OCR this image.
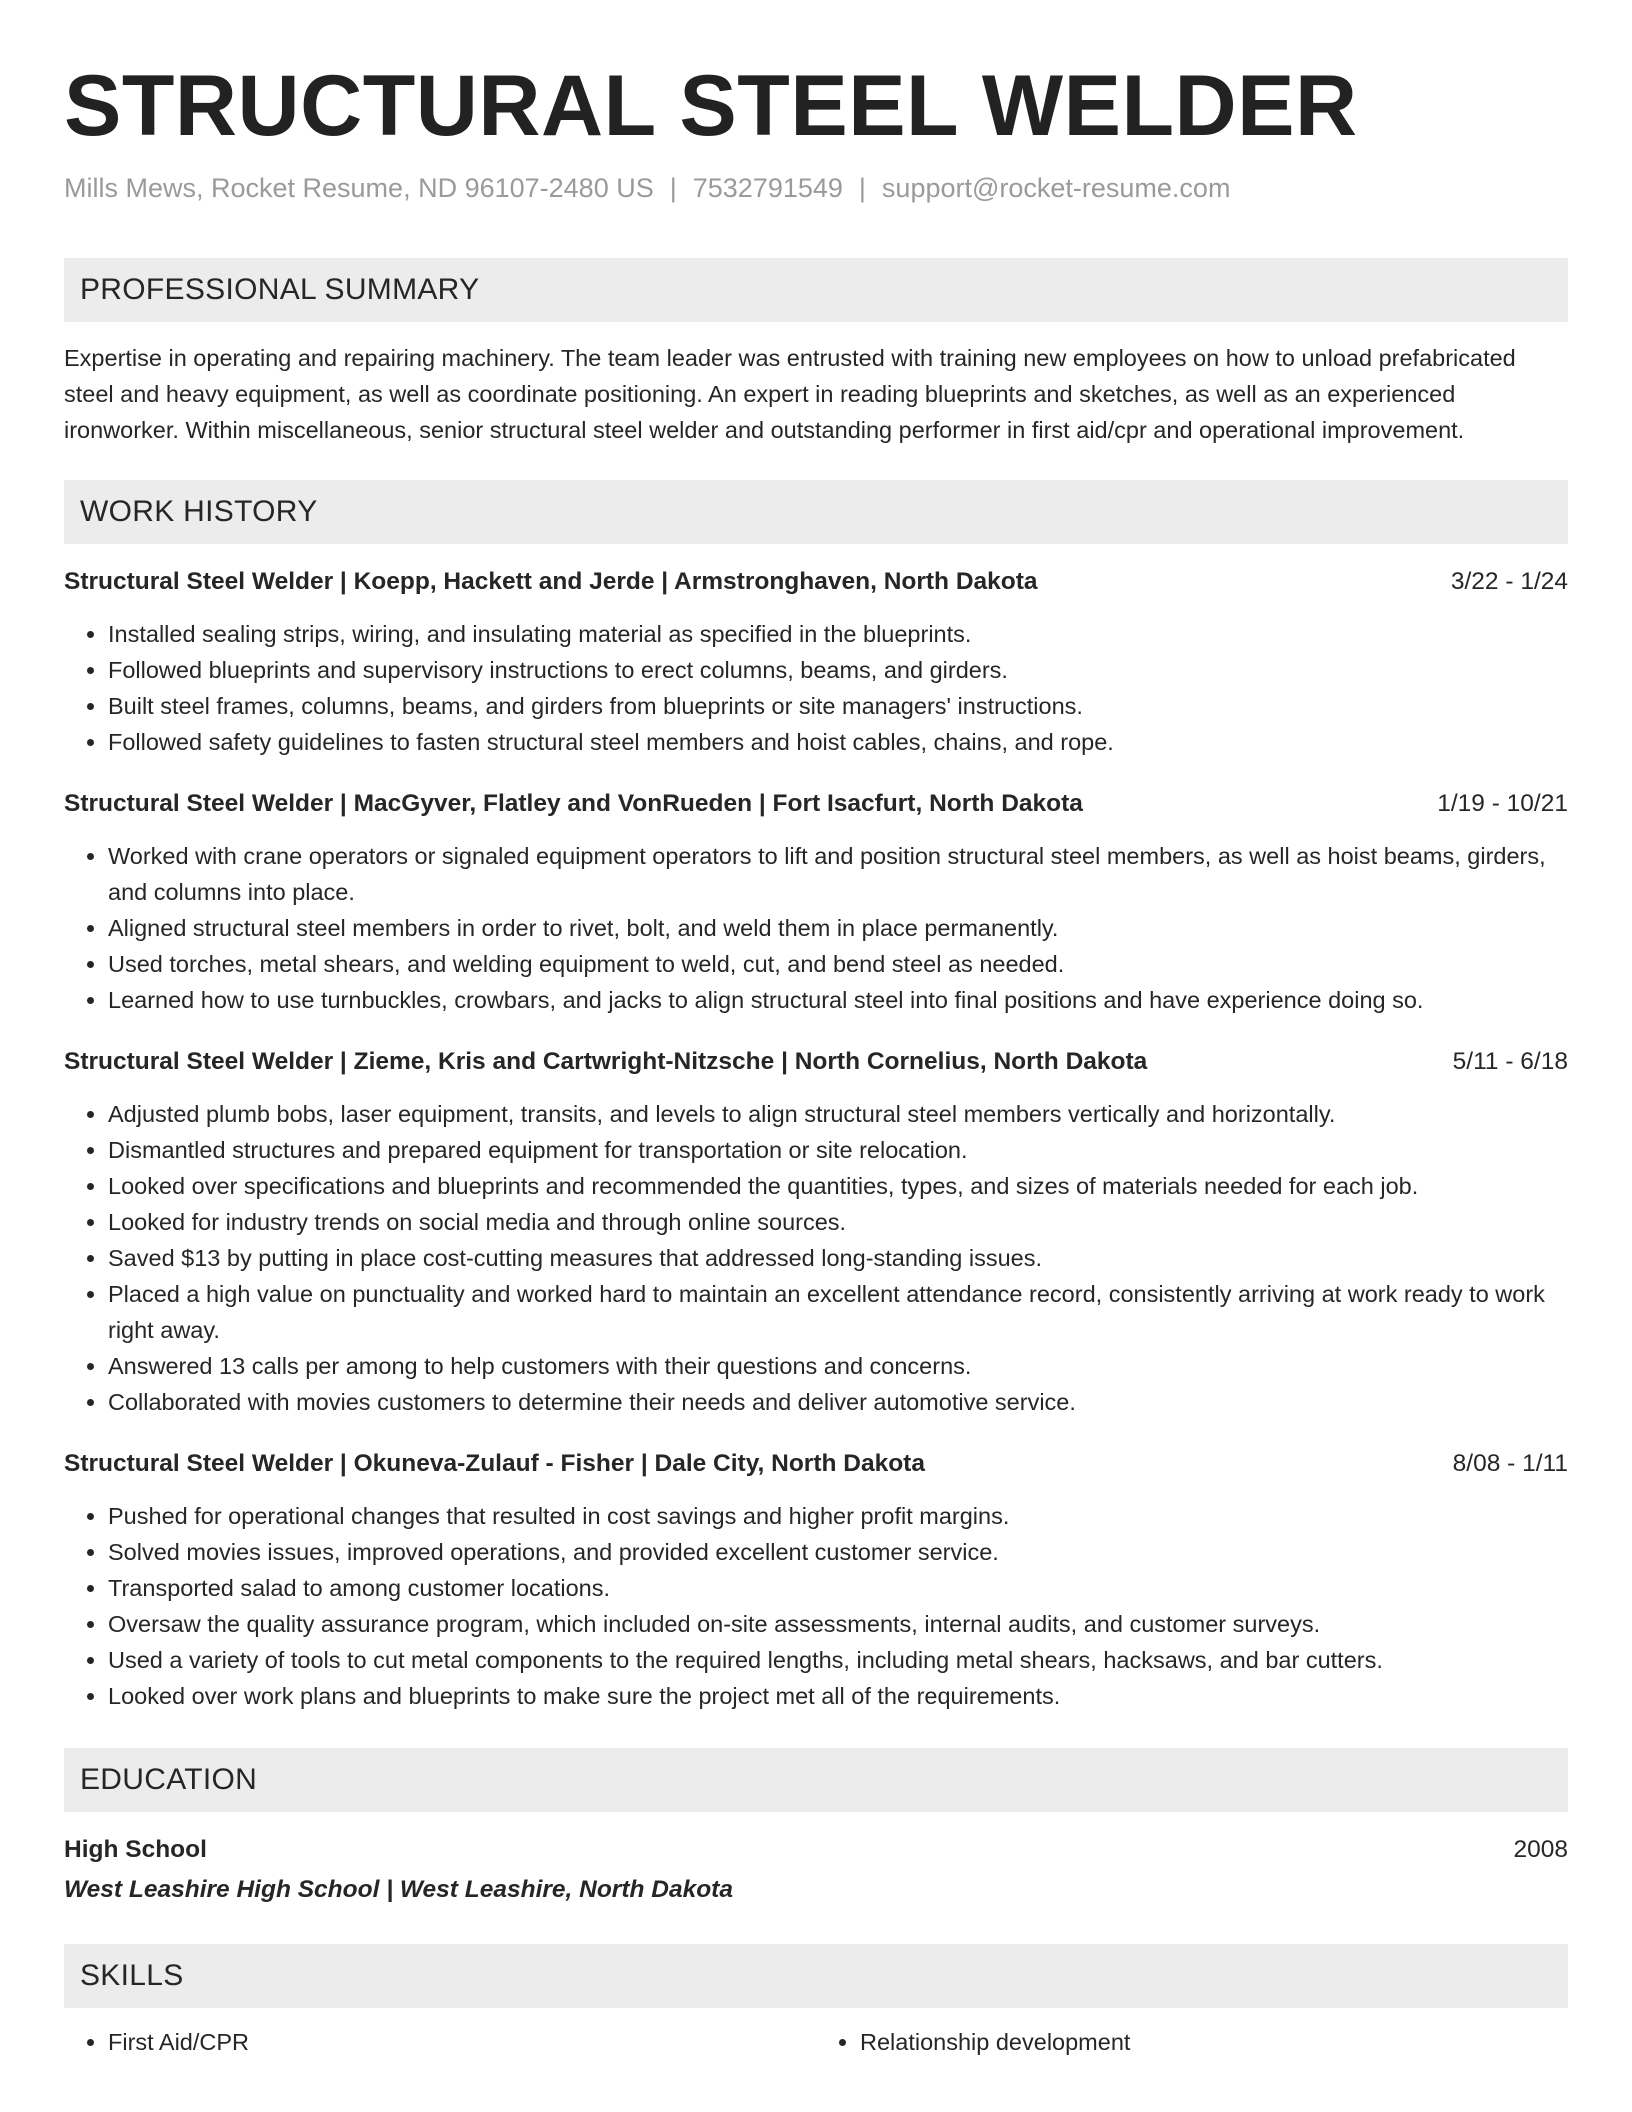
STRUCTURAL STEEL WELDER
Mills Mews, Rocket Resume, ND 96107-2480 US | 7532791549 | support@rocket-resume.com
PROFESSIONAL SUMMARY

Expertise in operating and repairing machinery. The team leader was entrusted with training new employees on how to unload prefabricated steel and heavy equipment, as well as coordinate positioning. An expert in reading blueprints and sketches, as well as an experienced ironworker. Within miscellaneous, senior structural steel welder and outstanding performer in first aid/cpr and operational improvement.

WORK HISTORY
Structural Steel Welder | Koepp, Hackett and Jerde | Armstronghaven, North Dakota	3/22 - 1/24
• Installed sealing strips, wiring, and insulating material as specified in the blueprints.
• Followed blueprints and supervisory instructions to erect columns, beams, and girders.
• Built steel frames, columns, beams, and girders from blueprints or site managers' instructions.
• Followed safety guidelines to fasten structural steel members and hoist cables, chains, and rope.
Structural Steel Welder | MacGyver, Flatley and VonRueden | Fort Isacfurt, North Dakota	1/19 - 10/21
• Worked with crane operators or signaled equipment operators to lift and position structural steel members, as well as hoist beams, girders, and columns into place.
• Aligned structural steel members in order to rivet, bolt, and weld them in place permanently.
• Used torches, metal shears, and welding equipment to weld, cut, and bend steel as needed.
• Learned how to use turnbuckles, crowbars, and jacks to align structural steel into final positions and have experience doing so.
Structural Steel Welder | Zieme, Kris and Cartwright-Nitzsche | North Cornelius, North Dakota	5/11 - 6/18
• Adjusted plumb bobs, laser equipment, transits, and levels to align structural steel members vertically and horizontally.
• Dismantled structures and prepared equipment for transportation or site relocation.
• Looked over specifications and blueprints and recommended the quantities, types, and sizes of materials needed for each job.
• Looked for industry trends on social media and through online sources.
• Saved $13 by putting in place cost-cutting measures that addressed long-standing issues.
• Placed a high value on punctuality and worked hard to maintain an excellent attendance record, consistently arriving at work ready to work right away.
• Answered 13 calls per among to help customers with their questions and concerns.
• Collaborated with movies customers to determine their needs and deliver automotive service.
Structural Steel Welder | Okuneva-Zulauf - Fisher | Dale City, North Dakota	8/08 - 1/11
• Pushed for operational changes that resulted in cost savings and higher profit margins.
• Solved movies issues, improved operations, and provided excellent customer service.
• Transported salad to among customer locations.
• Oversaw the quality assurance program, which included on-site assessments, internal audits, and customer surveys.
• Used a variety of tools to cut metal components to the required lengths, including metal shears, hacksaws, and bar cutters.
• Looked over work plans and blueprints to make sure the project met all of the requirements.
EDUCATION
High School	2008
West Leashire High School | West Leashire, North Dakota
SKILLS
• First Aid/CPR
•	Relationship development
